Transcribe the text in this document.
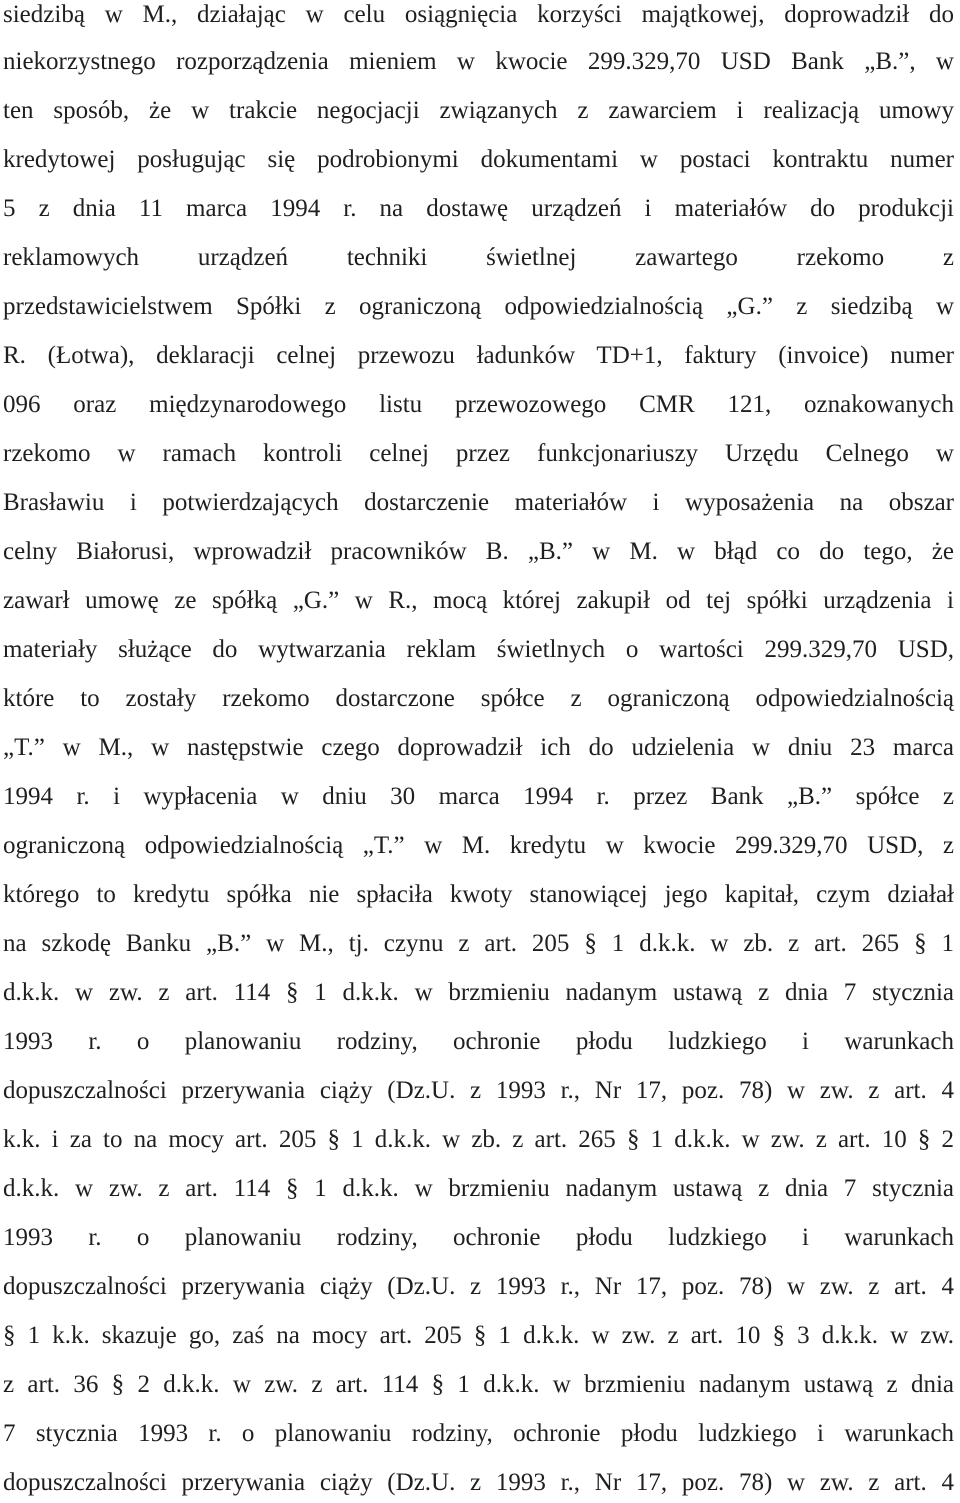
siedzibą w M., działając w celu osiągnięcia korzyści majątkowej, doprowadził do
niekorzystnego rozporządzenia mieniem w kwocie 299.329,70 USD Bank „B.”, w
ten sposób, że w trakcie negocjacji związanych z zawarciem i realizacją umowy
kredytowej posługując się podrobionymi dokumentami w postaci kontraktu numer
5 z dnia 11 marca 1994 r. na dostawę urządzeń i materiałów do produkcji
reklamowych urządzeń techniki świetlnej zawartego rzekomo z
przedstawicielstwem Spółki z ograniczoną odpowiedzialnością „G.” z siedzibą w
R. (Łotwa), deklaracji celnej przewozu ładunków TD+1, faktury (invoice) numer
096 oraz międzynarodowego listu przewozowego CMR 121, oznakowanych
rzekomo w ramach kontroli celnej przez funkcjonariuszy Urzędu Celnego w
Brasławiu i potwierdzających dostarczenie materiałów i wyposażenia na obszar
celny Białorusi, wprowadził pracowników B. „B.” w M. w błąd co do tego, że
zawarł umowę ze spółką „G.” w R., mocą której zakupił od tej spółki urządzenia i
materiały służące do wytwarzania reklam świetlnych o wartości 299.329,70 USD,
które to zostały rzekomo dostarczone spółce z ograniczoną odpowiedzialnością
„T.” w M., w następstwie czego doprowadził ich do udzielenia w dniu 23 marca
1994 r. i wypłacenia w dniu 30 marca 1994 r. przez Bank „B.” spółce z
ograniczoną odpowiedzialnością „T.” w M. kredytu w kwocie 299.329,70 USD, z
którego to kredytu spółka nie spłaciła kwoty stanowiącej jego kapitał, czym działał
na szkodę Banku „B.” w M., tj. czynu z art. 205 § 1 d.k.k. w zb. z art. 265 § 1
d.k.k. w zw. z art. 114 § 1 d.k.k. w brzmieniu nadanym ustawą z dnia 7 stycznia
1993 r. o planowaniu rodziny, ochronie płodu ludzkiego i warunkach
dopuszczalności przerywania ciąży (Dz.U. z 1993 r., Nr 17, poz. 78) w zw. z art. 4
k.k. i za to na mocy art. 205 § 1 d.k.k. w zb. z art. 265 § 1 d.k.k. w zw. z art. 10 § 2
d.k.k. w zw. z art. 114 § 1 d.k.k. w brzmieniu nadanym ustawą z dnia 7 stycznia
1993 r. o planowaniu rodziny, ochronie płodu ludzkiego i warunkach
dopuszczalności przerywania ciąży (Dz.U. z 1993 r., Nr 17, poz. 78) w zw. z art. 4
§ 1 k.k. skazuje go, zaś na mocy art. 205 § 1 d.k.k. w zw. z art. 10 § 3 d.k.k. w zw.
z art. 36 § 2 d.k.k. w zw. z art. 114 § 1 d.k.k. w brzmieniu nadanym ustawą z dnia
7 stycznia 1993 r. o planowaniu rodziny, ochronie płodu ludzkiego i warunkach
dopuszczalności przerywania ciąży (Dz.U. z 1993 r., Nr 17, poz. 78) w zw. z art. 4
